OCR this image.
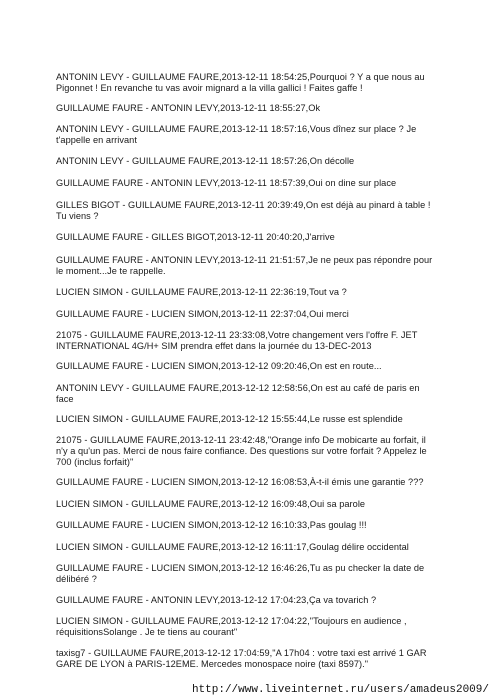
ANTONIN LEVY - GUILLAUME FAURE,2013-12-11 18:54:25,Pourquoi ? Y a que nous au Pigonnet ! En revanche tu vas avoir mignard a la villa gallici ! Faites gaffe !
GUILLAUME FAURE - ANTONIN LEVY,2013-12-11 18:55:27,Ok
ANTONIN LEVY - GUILLAUME FAURE,2013-12-11 18:57:16,Vous dînez sur place ? Je t'appelle en arrivant
ANTONIN LEVY - GUILLAUME FAURE,2013-12-11 18:57:26,On décolle
GUILLAUME FAURE - ANTONIN LEVY,2013-12-11 18:57:39,Oui on dine sur place
GILLES BIGOT - GUILLAUME FAURE,2013-12-11 20:39:49,On est déjà au pinard à table ! Tu viens ?
GUILLAUME FAURE - GILLES BIGOT,2013-12-11 20:40:20,J'arrive
GUILLAUME FAURE - ANTONIN LEVY,2013-12-11 21:51:57,Je ne peux pas répondre pour le moment...Je te rappelle.
LUCIEN SIMON - GUILLAUME FAURE,2013-12-11 22:36:19,Tout va ?
GUILLAUME FAURE - LUCIEN SIMON,2013-12-11 22:37:04,Oui merci
21075 - GUILLAUME FAURE,2013-12-11 23:33:08,Votre changement vers l'offre F. JET INTERNATIONAL 4G/H+ SIM prendra effet dans la journée du 13-DEC-2013
GUILLAUME FAURE - LUCIEN SIMON,2013-12-12 09:20:46,On est en route...
ANTONIN LEVY - GUILLAUME FAURE,2013-12-12 12:58:56,On est au café de paris en face
LUCIEN SIMON - GUILLAUME FAURE,2013-12-12 15:55:44,Le russe est splendide
21075 - GUILLAUME FAURE,2013-12-11 23:42:48,"Orange info De mobicarte au forfait, il n'y a qu'un pas. Merci de nous faire confiance. Des questions sur votre forfait ? Appelez le 700 (inclus forfait)"
GUILLAUME FAURE - LUCIEN SIMON,2013-12-12 16:08:53,À-t-il émis une garantie ???
LUCIEN SIMON - GUILLAUME FAURE,2013-12-12 16:09:48,Oui sa parole
GUILLAUME FAURE - LUCIEN SIMON,2013-12-12 16:10:33,Pas goulag !!!
LUCIEN SIMON - GUILLAUME FAURE,2013-12-12 16:11:17,Goulag délire occidental
GUILLAUME FAURE - LUCIEN SIMON,2013-12-12 16:46:26,Tu as pu checker la date de délibéré ?
GUILLAUME FAURE - ANTONIN LEVY,2013-12-12 17:04:23,Ça va tovarich ?
LUCIEN SIMON - GUILLAUME FAURE,2013-12-12 17:04:22,"Toujours en audience , réquisitionsSolange . Je te tiens au courant"
taxisg7 - GUILLAUME FAURE,2013-12-12 17:04:59,"A 17h04 : votre taxi est arrivé 1 GAR GARE DE LYON à PARIS-12EME. Mercedes monospace noire (taxi 8597)."
http://www.liveinternet.ru/users/amadeus2009/
